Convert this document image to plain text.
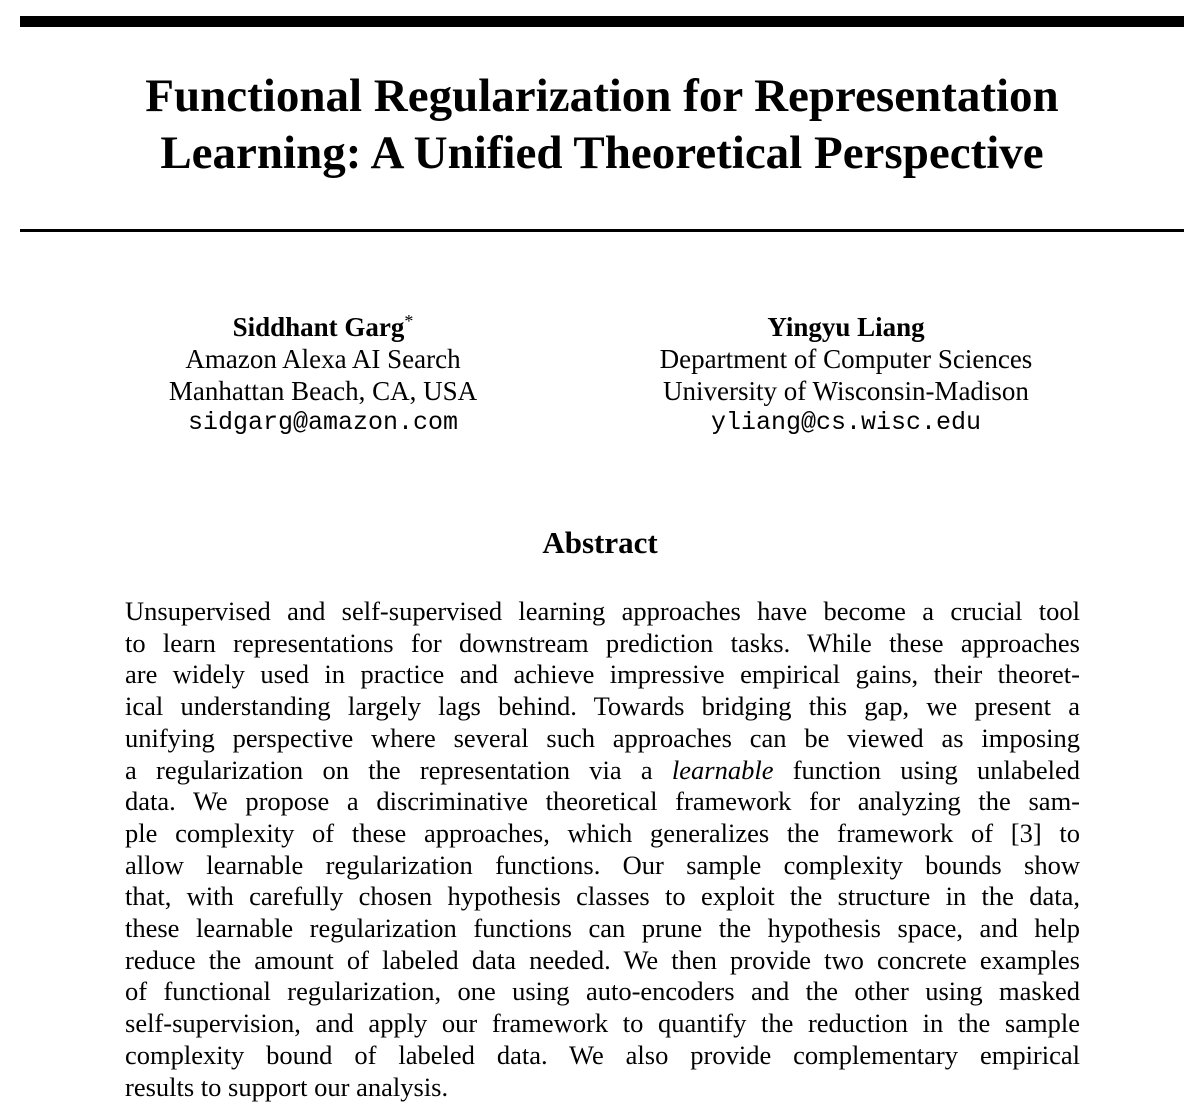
Functional Regularization for Representation
Learning: A Unified Theoretical Perspective
Siddhant Garg*
Amazon Alexa AI Search
Manhattan Beach, CA, USA
sidgarg@amazon.com
Yingyu Liang
Department of Computer Sciences
University of Wisconsin-Madison
yliang@cs.wisc.edu
Abstract
Unsupervised and self-supervised learning approaches have become a crucial tool
to learn representations for downstream prediction tasks. While these approaches
are widely used in practice and achieve impressive empirical gains, their theoret-
ical understanding largely lags behind. Towards bridging this gap, we present a
unifying perspective where several such approaches can be viewed as imposing
a regularization on the representation via a learnable function using unlabeled
data. We propose a discriminative theoretical framework for analyzing the sam-
ple complexity of these approaches, which generalizes the framework of [3] to
allow learnable regularization functions. Our sample complexity bounds show
that, with carefully chosen hypothesis classes to exploit the structure in the data,
these learnable regularization functions can prune the hypothesis space, and help
reduce the amount of labeled data needed. We then provide two concrete examples
of functional regularization, one using auto-encoders and the other using masked
self-supervision, and apply our framework to quantify the reduction in the sample
complexity bound of labeled data. We also provide complementary empirical
results to support our analysis.
